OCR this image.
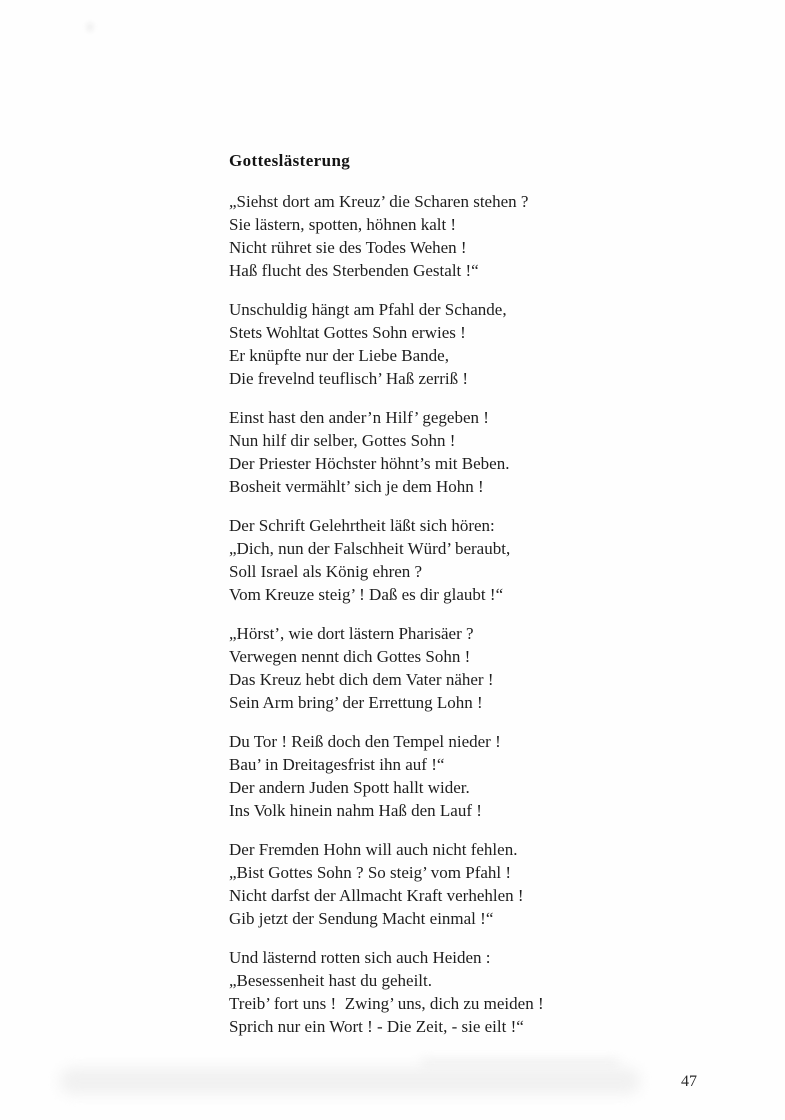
Gotteslästerung
„Siehst dort am Kreuz’ die Scharen stehen ?
Sie lästern, spotten, höhnen kalt !
Nicht rühret sie des Todes Wehen !
Haß flucht des Sterbenden Gestalt !“
Unschuldig hängt am Pfahl der Schande,
Stets Wohltat Gottes Sohn erwies !
Er knüpfte nur der Liebe Bande,
Die frevelnd teuflisch’ Haß zerriß !
Einst hast den ander’n Hilf’ gegeben !
Nun hilf dir selber, Gottes Sohn !
Der Priester Höchster höhnt’s mit Beben.
Bosheit vermählt’ sich je dem Hohn !
Der Schrift Gelehrtheit läßt sich hören:
„Dich, nun der Falschheit Würd’ beraubt,
Soll Israel als König ehren ?
Vom Kreuze steig’ ! Daß es dir glaubt !“
„Hörst’, wie dort lästern Pharisäer ?
Verwegen nennt dich Gottes Sohn !
Das Kreuz hebt dich dem Vater näher !
Sein Arm bring’ der Errettung Lohn !
Du Tor ! Reiß doch den Tempel nieder !
Bau’ in Dreitagesfrist ihn auf !“
Der andern Juden Spott hallt wider.
Ins Volk hinein nahm Haß den Lauf !
Der Fremden Hohn will auch nicht fehlen.
„Bist Gottes Sohn ? So steig’ vom Pfahl !
Nicht darfst der Allmacht Kraft verhehlen !
Gib jetzt der Sendung Macht einmal !“
Und lästernd rotten sich auch Heiden :
„Besessenheit hast du geheilt.
Treib’ fort uns !  Zwing’ uns, dich zu meiden !
Sprich nur ein Wort ! - Die Zeit, - sie eilt !“
47
